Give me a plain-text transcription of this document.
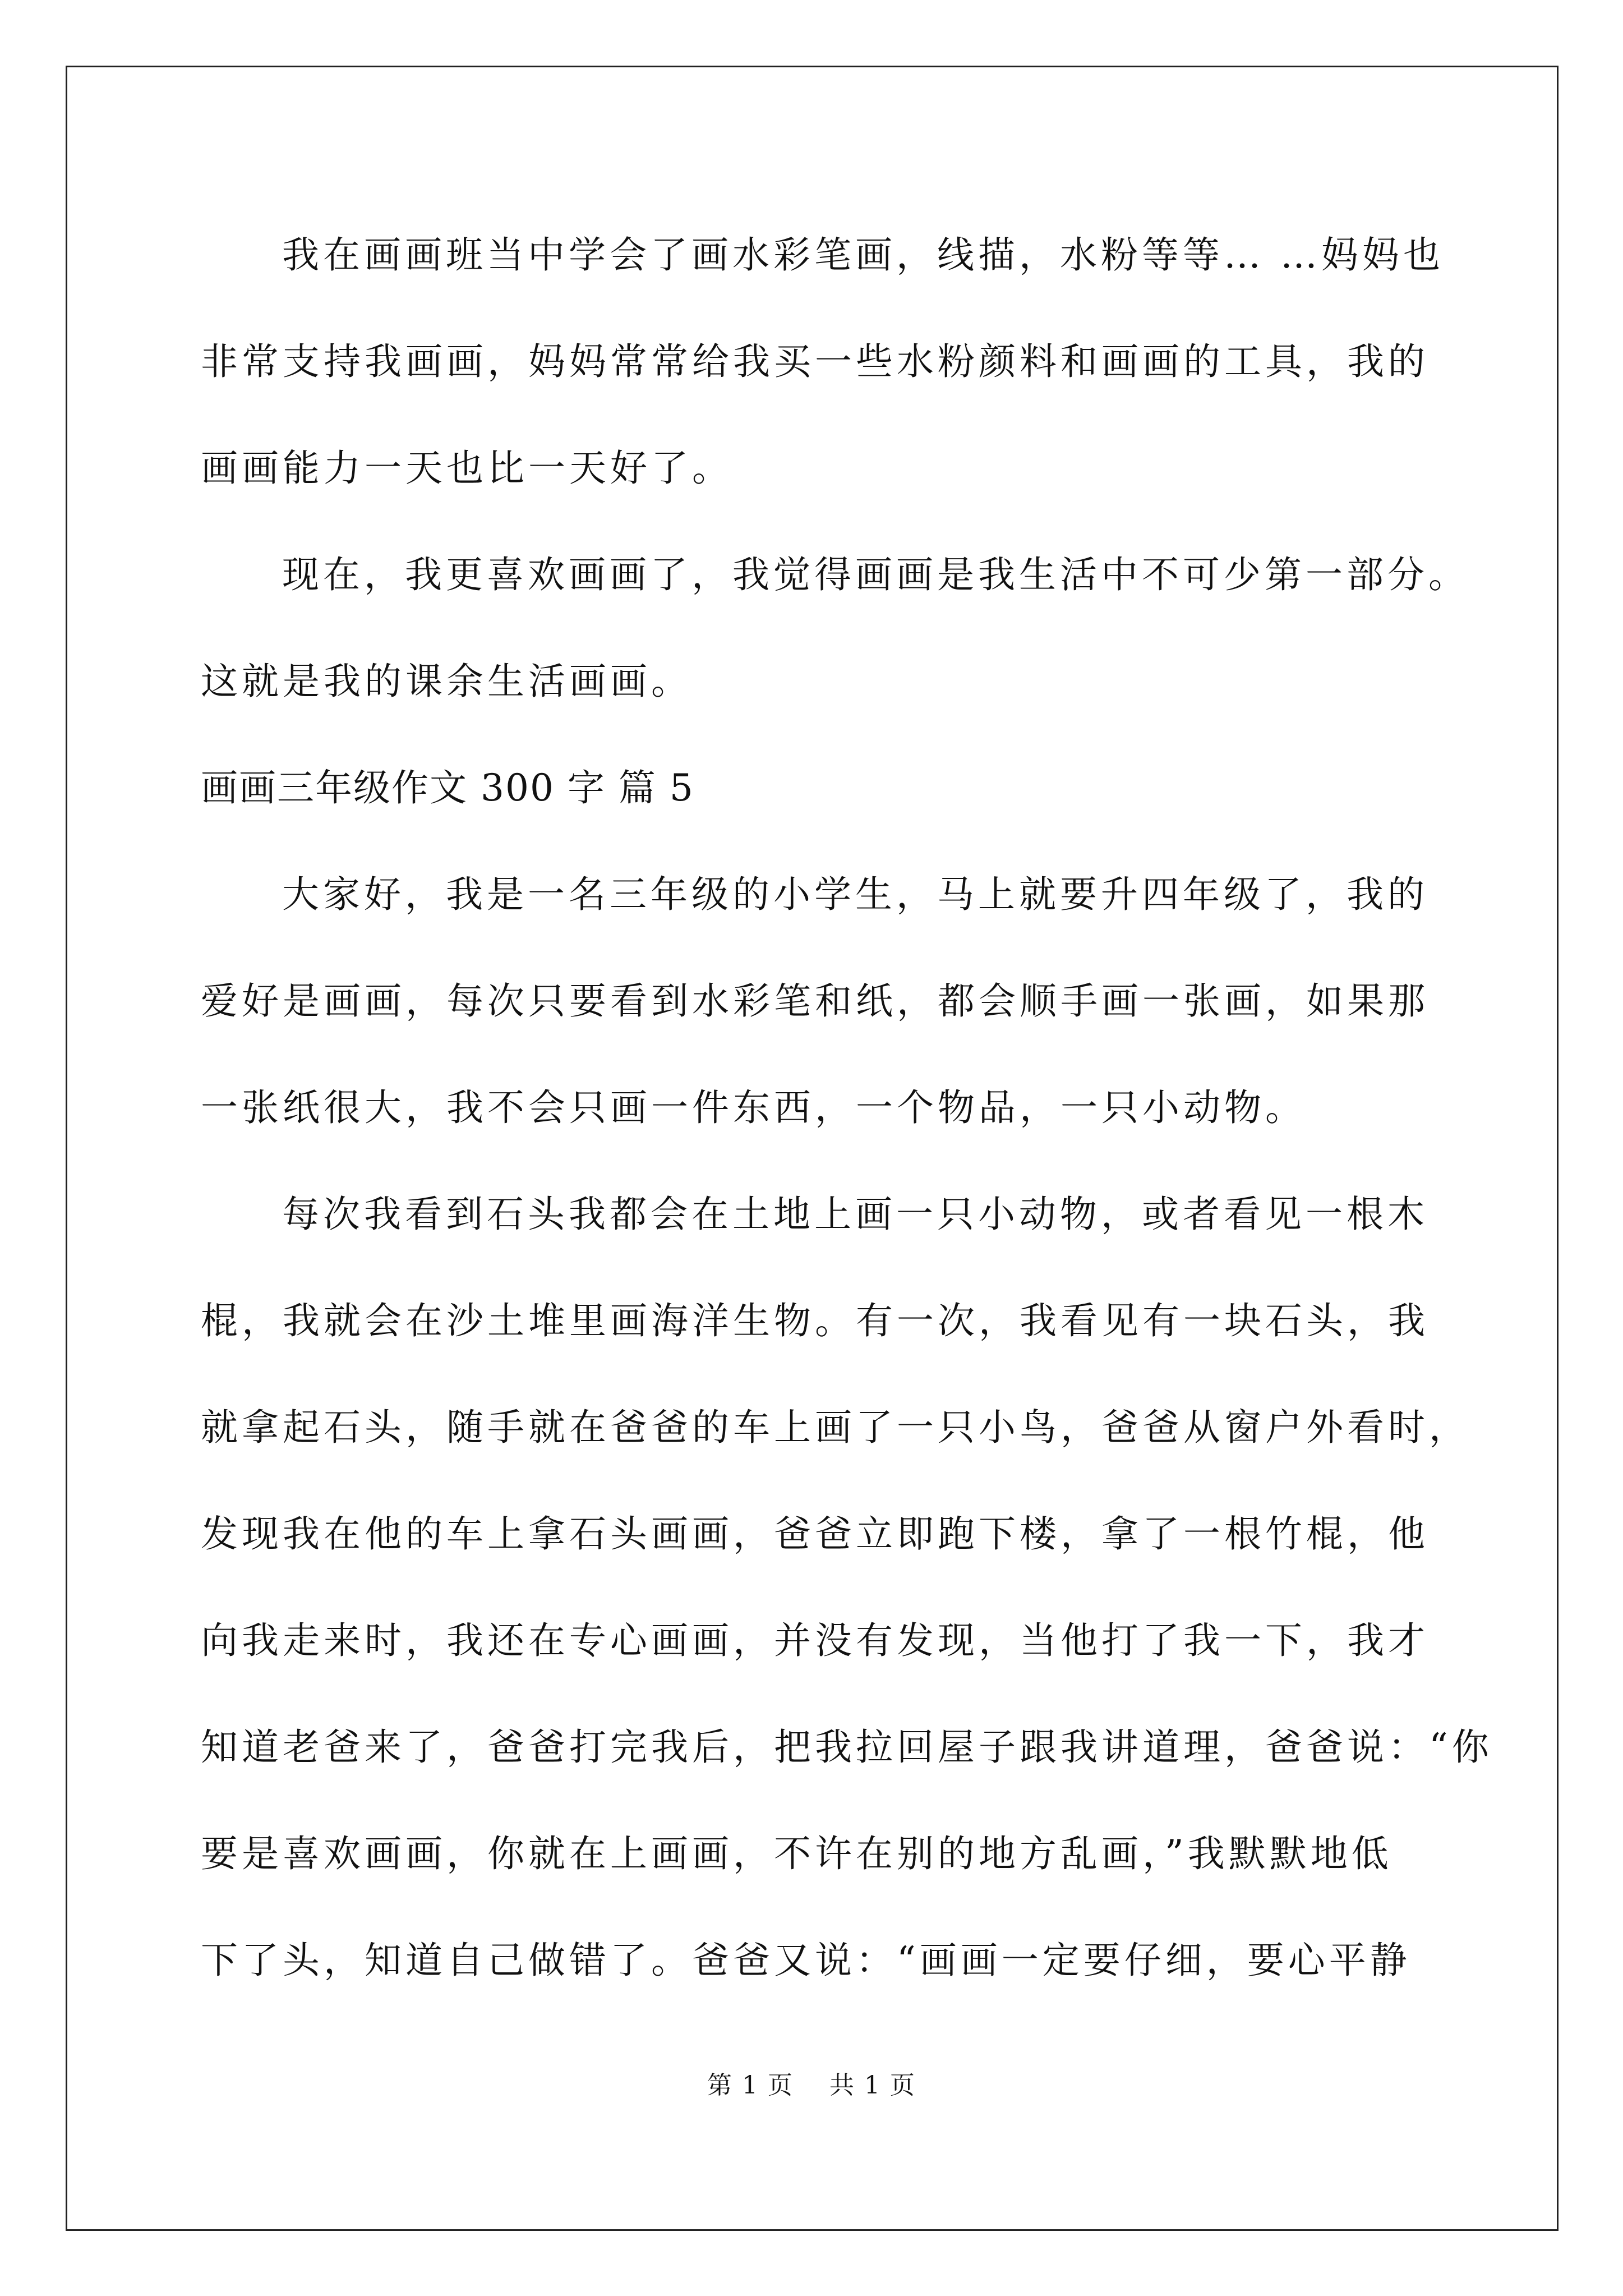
我在画画班当中学会了画水彩笔画，线描，水粉等等… …妈妈也
非常支持我画画，妈妈常常给我买一些水粉颜料和画画的工具，我的
画画能力一天也比一天好了。
现在，我更喜欢画画了，我觉得画画是我生活中不可少第一部分。
这就是我的课余生活画画。
画画三年级作文 300 字 篇 5
大家好，我是一名三年级的小学生，马上就要升四年级了，我的
爱好是画画，每次只要看到水彩笔和纸，都会顺手画一张画，如果那
一张纸很大，我不会只画一件东西，一个物品，一只小动物。
每次我看到石头我都会在土地上画一只小动物，或者看见一根木
棍，我就会在沙土堆里画海洋生物。有一次，我看见有一块石头，我
就拿起石头，随手就在爸爸的车上画了一只小鸟，爸爸从窗户外看时，
发现我在他的车上拿石头画画，爸爸立即跑下楼，拿了一根竹棍，他
向我走来时，我还在专心画画，并没有发现，当他打了我一下，我才
知道老爸来了，爸爸打完我后，把我拉回屋子跟我讲道理，爸爸说：“你
要是喜欢画画，你就在上画画，不许在别的地方乱画，”我默默地低
下了头，知道自己做错了。爸爸又说：“画画一定要仔细，要心平静
第 1 页 共 1 页
